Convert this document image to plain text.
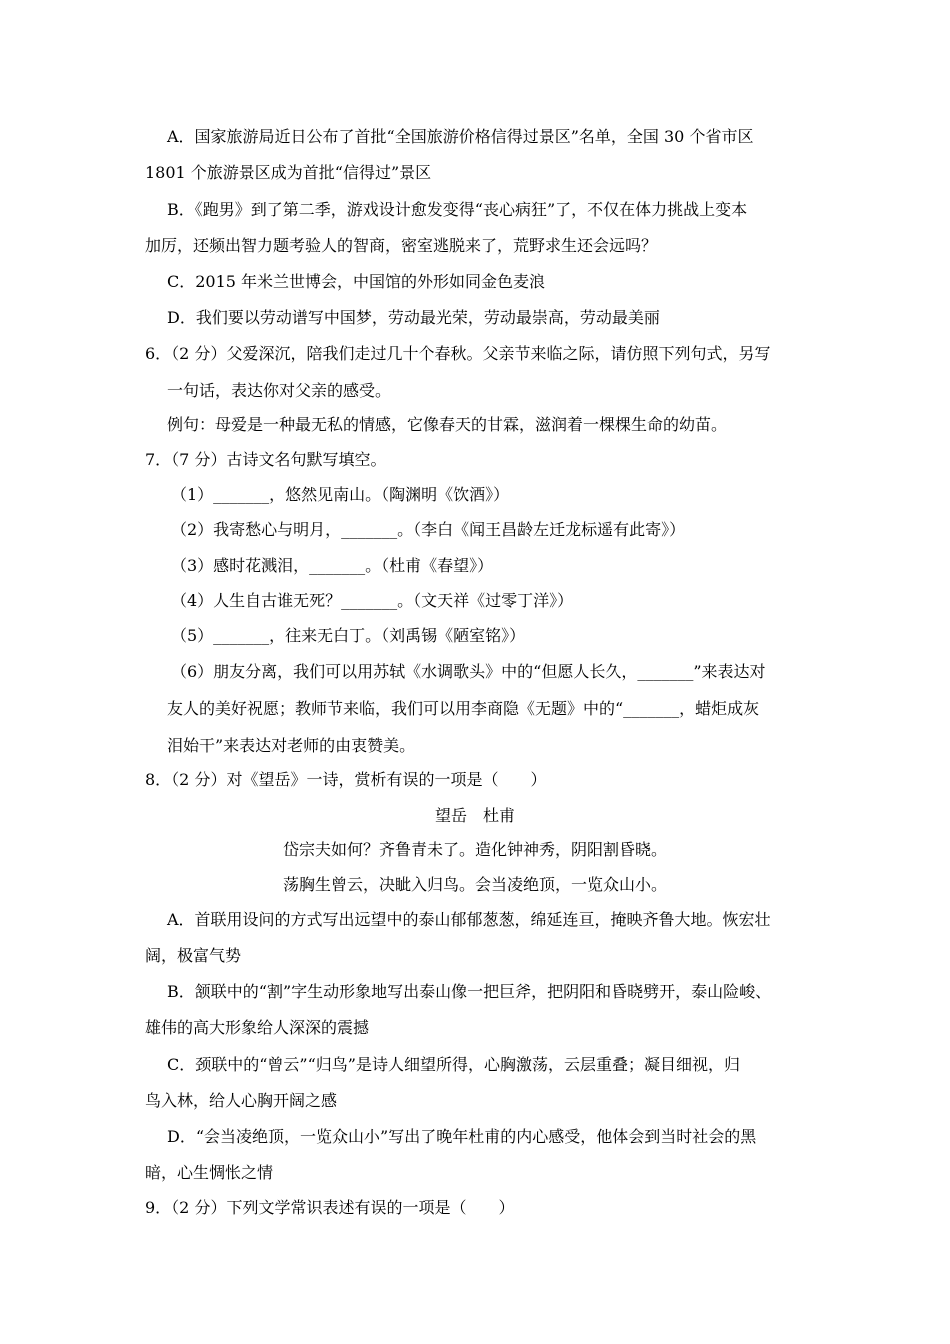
A．国家旅游局近日公布了首批“全国旅游价格信得过景区”名单，全国 30 个省市区
1801 个旅游景区成为首批“信得过”景区
B．《跑男》到了第二季，游戏设计愈发变得“丧心病狂”了，不仅在体力挑战上变本
加厉，还频出智力题考验人的智商，密室逃脱来了，荒野求生还会远吗？
C．2015 年米兰世博会，中国馆的外形如同金色麦浪
D．我们要以劳动谱写中国梦，劳动最光荣，劳动最崇高，劳动最美丽
6．（2 分）父爱深沉，陪我们走过几十个春秋。父亲节来临之际，请仿照下列句式，另写
一句话，表达你对父亲的感受。
例句：母爱是一种最无私的情感，它像春天的甘霖，滋润着一棵棵生命的幼苗。
7．（7 分）古诗文名句默写填空。
（1）_______，悠然见南山。（陶渊明《饮酒》）
（2）我寄愁心与明月，_______。（李白《闻王昌龄左迁龙标遥有此寄》）
（3）感时花溅泪，_______。（杜甫《春望》）
（4）人生自古谁无死？_______。（文天祥《过零丁洋》）
（5）_______，往来无白丁。（刘禹锡《陋室铭》）
（6）朋友分离，我们可以用苏轼《水调歌头》中的“但愿人长久，_______”来表达对
友人的美好祝愿；教师节来临，我们可以用李商隐《无题》中的“_______，蜡炬成灰
泪始干”来表达对老师的由衷赞美。
8．（2 分）对《望岳》一诗，赏析有误的一项是（　　）
望岳　杜甫
岱宗夫如何？齐鲁青未了。造化钟神秀，阴阳割昏晓。
荡胸生曾云，决眦入归鸟。会当凌绝顶，一览众山小。
A．首联用设问的方式写出远望中的泰山郁郁葱葱，绵延连亘，掩映齐鲁大地。恢宏壮
阔，极富气势
B．颔联中的“割”字生动形象地写出泰山像一把巨斧，把阴阳和昏晓劈开，泰山险峻、
雄伟的高大形象给人深深的震撼
C．颈联中的“曾云”“归鸟”是诗人细望所得，心胸激荡，云层重叠；凝目细视，归
鸟入林，给人心胸开阔之感
D．“会当凌绝顶，一览众山小”写出了晚年杜甫的内心感受，他体会到当时社会的黑
暗，心生惆怅之情
9．（2 分）下列文学常识表述有误的一项是（　　）
